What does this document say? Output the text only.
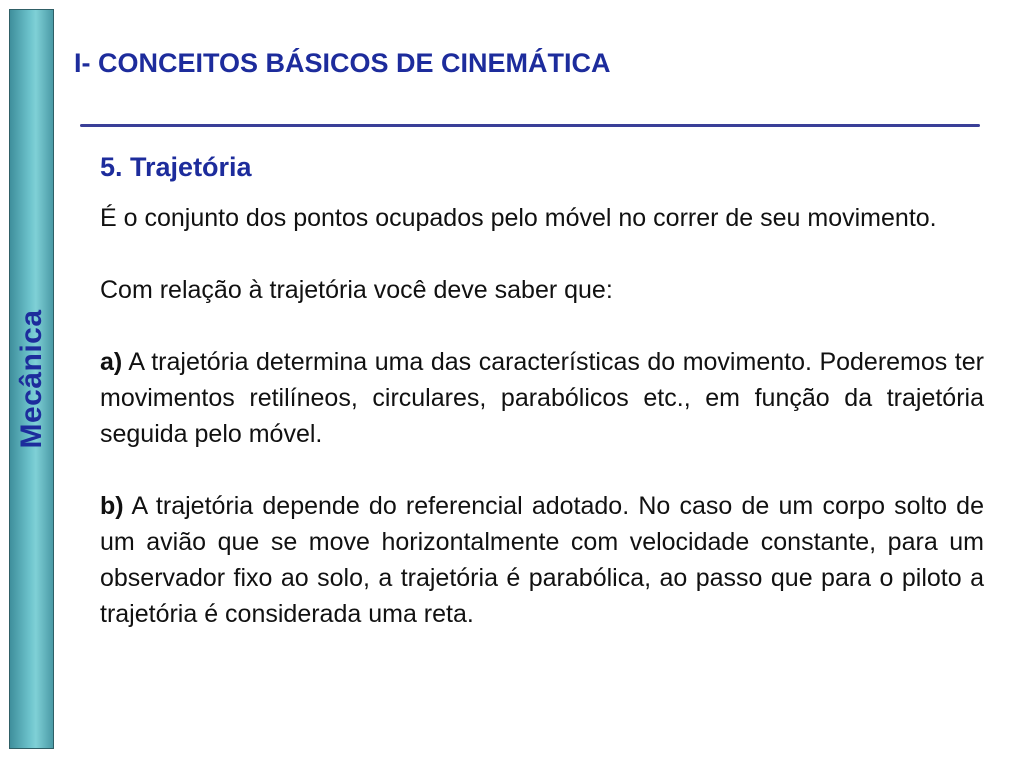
Mecânica
I- CONCEITOS BÁSICOS DE CINEMÁTICA
5. Trajetória

É o conjunto dos pontos ocupados pelo móvel no correr de seu movimento.

Com relação à trajetória você deve saber que:

a) A trajetória determina uma das características do movimento. Poderemos ter movimentos retilíneos, circulares, parabólicos etc., em função da trajetória seguida pelo móvel.

b) A trajetória depende do referencial adotado. No caso de um corpo solto de um avião que se move horizontalmente com velocidade constante, para um observador fixo ao solo, a trajetória é parabólica, ao passo que para o piloto a trajetória é considerada uma reta.
